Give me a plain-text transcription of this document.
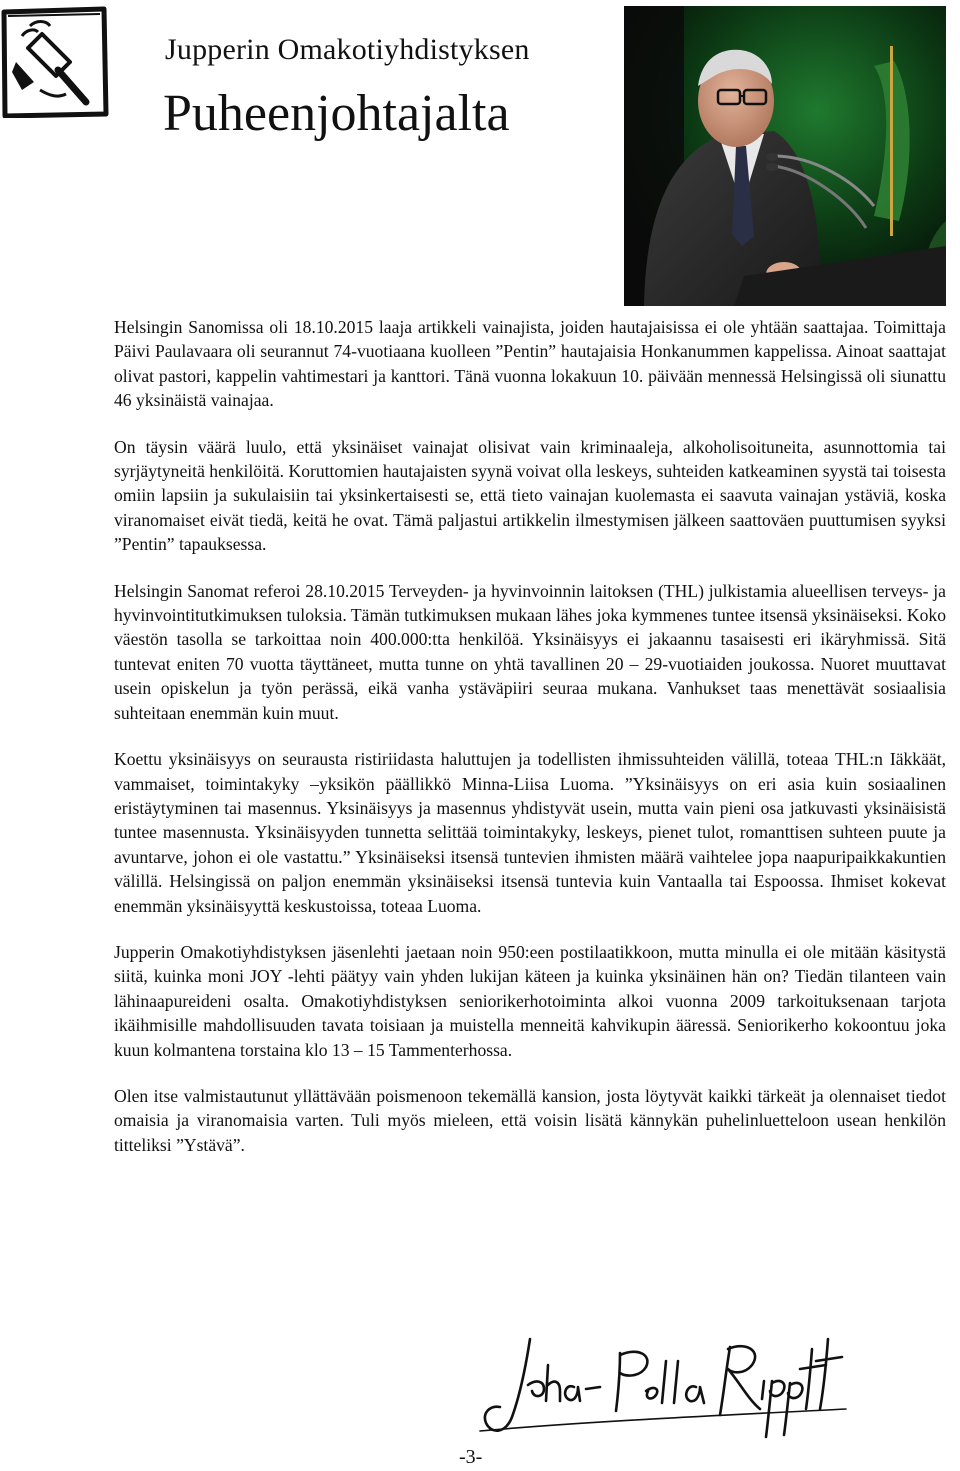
Jupperin Omakotiyhdistyksen
Puheenjohtajalta

Helsingin Sanomissa oli 18.10.2015 laaja artikkeli vainajista, joiden hautajaisissa ei ole yhtään saattajaa. Toimittaja Päivi Paulavaara oli seurannut 74-vuotiaana kuolleen ”Pentin” hautajaisia Honkanummen kappelissa. Ainoat saattajat olivat pastori, kappelin vahtimestari ja kanttori. Tänä vuonna lokakuun 10. päivään mennessä Helsingissä oli siunattu 46 yksinäistä vainajaa.

On täysin väärä luulo, että yksinäiset vainajat olisivat vain kriminaaleja, alkoholisoituneita, asunnottomia tai syrjäytyneitä henkilöitä. Koruttomien hautajaisten syynä voivat olla leskeys, suhteiden katkeaminen syystä tai toisesta omiin lapsiin ja sukulaisiin tai yksinkertaisesti se, että tieto vainajan kuolemasta ei saavuta vainajan ystäviä, koska viranomaiset eivät tiedä, keitä he ovat. Tämä paljastui artikkelin ilmestymisen jälkeen saattoväen puuttumisen syyksi ”Pentin” tapauksessa.

Helsingin Sanomat referoi 28.10.2015 Terveyden- ja hyvinvoinnin laitoksen (THL) julkistamia alueellisen terveys- ja hyvinvointitutkimuksen tuloksia. Tämän tutkimuksen mukaan lähes joka kymmenes tuntee itsensä yksinäiseksi. Koko väestön tasolla se tarkoittaa noin 400.000:tta henkilöä. Yksinäisyys ei jakaannu tasaisesti eri ikäryhmissä. Sitä tuntevat eniten 70 vuotta täyttäneet, mutta tunne on yhtä tavallinen 20 – 29-vuotiaiden joukossa. Nuoret muuttavat usein opiskelun ja työn perässä, eikä vanha ystäväpiiri seuraa mukana. Vanhukset taas menettävät sosiaalisia suhteitaan enemmän kuin muut.

Koettu yksinäisyys on seurausta ristiriidasta haluttujen ja todellisten ihmissuhteiden välillä, toteaa THL:n Iäkkäät, vammaiset, toimintakyky –yksikön päällikkö Minna-Liisa Luoma. ”Yksinäisyys on eri asia kuin sosiaalinen eristäytyminen tai masennus. Yksinäisyys ja masennus yhdistyvät usein, mutta vain pieni osa jatkuvasti yksinäisistä tuntee masennusta. Yksinäisyyden tunnetta selittää toimintakyky, leskeys, pienet tulot, romanttisen suhteen puute ja avuntarve, johon ei ole vastattu.” Yksinäiseksi itsensä tuntevien ihmisten määrä vaihtelee jopa naapuripaikkakuntien välillä. Helsingissä on paljon enemmän yksinäiseksi itsensä tuntevia kuin Vantaalla tai Espoossa. Ihmiset kokevat enemmän yksinäisyyttä keskustoissa, toteaa Luoma.

Jupperin Omakotiyhdistyksen jäsenlehti jaetaan noin 950:een postilaatikkoon, mutta minulla ei ole mitään käsitystä siitä, kuinka moni JOY -lehti päätyy vain yhden lukijan käteen ja kuinka yksinäinen hän on? Tiedän tilanteen vain lähinaapureideni osalta. Omakotiyhdistyksen seniorikerhotoiminta alkoi vuonna 2009 tarkoituksenaan tarjota ikäihmisille mahdollisuuden tavata toisiaan ja muistella menneitä kahvikupin ääressä. Seniorikerho kokoontuu joka kuun kolmantena torstaina klo 13 – 15 Tammenterhossa.

Olen itse valmistautunut yllättävään poismenoon tekemällä kansion, josta löytyvät kaikki tärkeät ja olennaiset tiedot omaisia ja viranomaisia varten. Tuli myös mieleen, että voisin lisätä kännykän puhelinluetteloon usean henkilön titteliksi ”Ystävä”.

-3-
